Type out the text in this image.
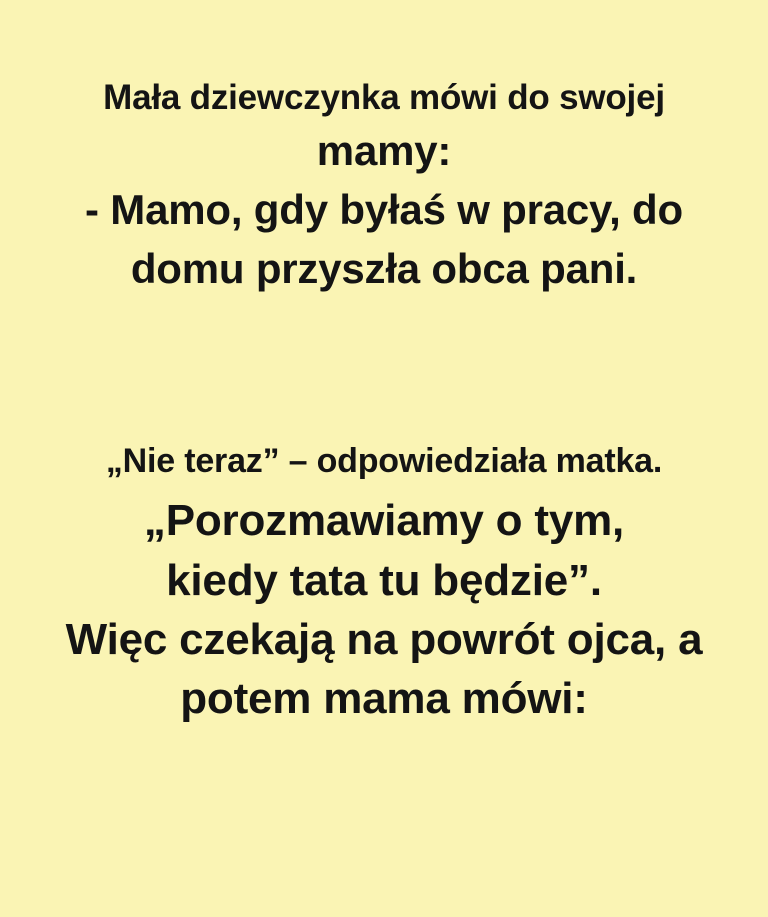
Mała dziewczynka mówi do swojej
mamy:
- Mamo, gdy byłaś w pracy, do
domu przyszła obca pani.
„Nie teraz” – odpowiedziała matka.
„Porozmawiamy o tym,
kiedy tata tu będzie”.
Więc czekają na powrót ojca, a
potem mama mówi:
